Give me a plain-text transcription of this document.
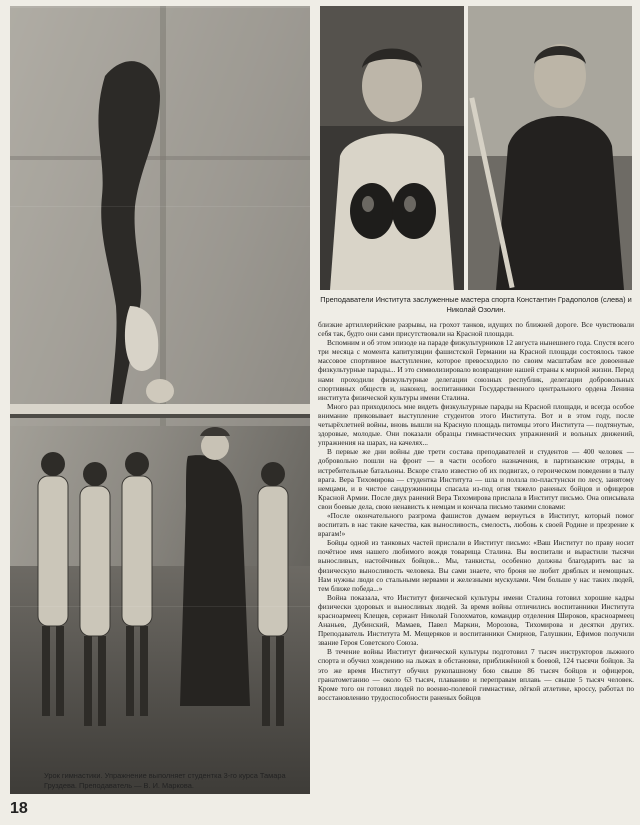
Преподаватели Института заслуженные мастера спорта Константин Градополов (слева) и Николай Озолин.

близкие артиллерийские разрывы, на грохот танков, идущих по ближней дороге. Все чувствовали себя так, будто они сами присутствовали на Красной площади.

Вспомним и об этом эпизоде на параде физкультурников 12 августа нынешнего года. Спустя всего три месяца с момента капитуляции фашистской Германии на Красной площади состоялось такое массовое спортивное выступление, которое превосходило по своим масштабам все довоенные физкультурные парады... И это символизировало возвращение нашей страны к мирной жизни. Перед нами проходили физкультурные делегации союзных республик, делегации добровольных спортивных обществ и, наконец, воспитанники Государственного центрального ордена Ленина института физической культуры имени Сталина.

Много раз приходилось мне видеть физкультурные парады на Красной площади, и всегда особое внимание приковывает выступление студентов этого Института. Вот и в этом году, после четырёхлетней войны, вновь вышли на Красную площадь питомцы этого Института — подтянутые, здоровые, молодые. Они показали образцы гимнастических упражнений и вольных движений, упражнения на шарах, на качелях...

В первые же дни войны две трети состава преподавателей и студентов — 400 человек — добровольно пошли на фронт — в части особого назначения, в партизанские отряды, в истребительные батальоны. Вскоре стало известно об их подвигах, о героическом поведении в тылу врага. Вера Тихомирова — студентка Института — шла и ползла по-пластунски по лесу, занятому немцами, и в чистое сандружинницы спасала из-под огня тяжело раненых бойцов и офицеров Красной Армии. После двух ранений Вера Тихомирова прислала в Институт письмо. Она описывала свои боевые дела, свою ненависть к немцам и кончала письмо такими словами:

«После окончательного разгрома фашистов думаем вернуться в Институт, который помог воспитать в нас такие качества, как выносливость, смелость, любовь к своей Родине и презрение к врагам!»

Бойцы одной из танковых частей прислали в Институт письмо: «Ваш Институт по праву носит почётное имя нашего любимого вождя товарища Сталина. Вы воспитали и вырастили тысячи выносливых, настойчивых бойцов... Мы, танкисты, особенно должны благодарить вас за физическую выносливость человека. Вы сами знаете, что броня не любит дряблых и немощных. Нам нужны люди со стальными нервами и железными мускулами. Чем больше у нас таких людей, тем ближе победа...»

Война показала, что Институт физической культуры имени Сталина готовил хорошие кадры физически здоровых и выносливых людей. За время войны отличились воспитанники Института красноармеец Клещев, сержант Николай Голохматов, командир отделения Широков, красноармеец Ананьев, Дубинский, Мамаев, Павел Маркин, Морозова, Тихомирова и десятки других. Преподаватель Института М. Мещеряков и воспитанники Смирнов, Галушкин, Ефимов получили звание Героя Советского Союза.

В течение войны Институт физической культуры подготовил 7 тысяч инструкторов лыжного спорта и обучил хождению на лыжах в обстановке, приближённой к боевой, 124 тысячи бойцов. За это же время Институт обучил рукопашному бою свыше 86 тысяч бойцов и офицеров, гранатометанию — около 63 тысяч, плаванию и переправам вплавь — свыше 5 тысяч человек. Кроме того он готовил людей по военно-полевой гимнастике, лёгкой атлетике, кроссу, работал по восстановлению трудоспособности раненых бойцов

Урок гимнастики. Упражнение выполняет студентка 3-го курса Тамара Груздева. Преподаватель — В. И. Маркова.
18
